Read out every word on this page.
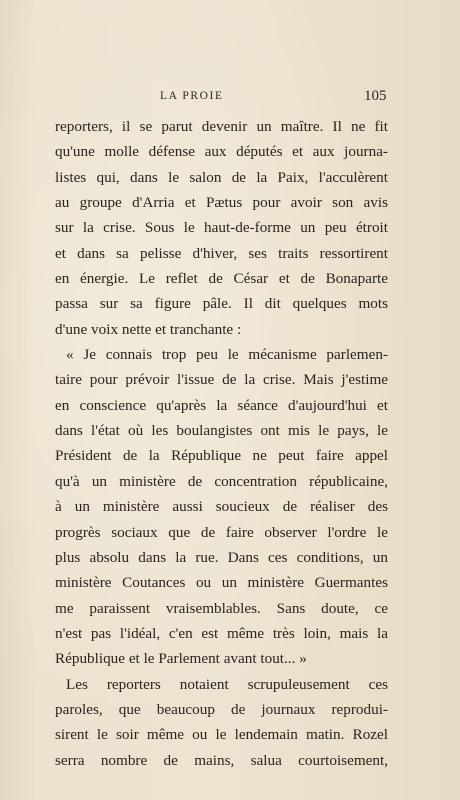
LA PROIE	105
reporters, il se parut devenir un maître. Il ne fit
qu'une molle défense aux députés et aux journa-
listes qui, dans le salon de la Paix, l'acculèrent
au groupe d'Arria et Pætus pour avoir son avis
sur la crise. Sous le haut-de-forme un peu étroit
et dans sa pelisse d'hiver, ses traits ressortirent
en énergie. Le reflet de César et de Bonaparte
passa sur sa figure pâle. Il dit quelques mots
d'une voix nette et tranchante :
« Je connais trop peu le mécanisme parlemen-
taire pour prévoir l'issue de la crise. Mais j'estime
en conscience qu'après la séance d'aujourd'hui et
dans l'état où les boulangistes ont mis le pays, le
Président de la République ne peut faire appel
qu'à un ministère de concentration républicaine,
à un ministère aussi soucieux de réaliser des
progrès sociaux que de faire observer l'ordre le
plus absolu dans la rue. Dans ces conditions, un
ministère Coutances ou un ministère Guermantes
me paraissent vraisemblables. Sans doute, ce
n'est pas l'idéal, c'en est même très loin, mais la
République et le Parlement avant tout... »
Les reporters notaient scrupuleusement ces
paroles, que beaucoup de journaux reprodui-
sirent le soir même ou le lendemain matin. Rozel
serra nombre de mains, salua courtoisement,
